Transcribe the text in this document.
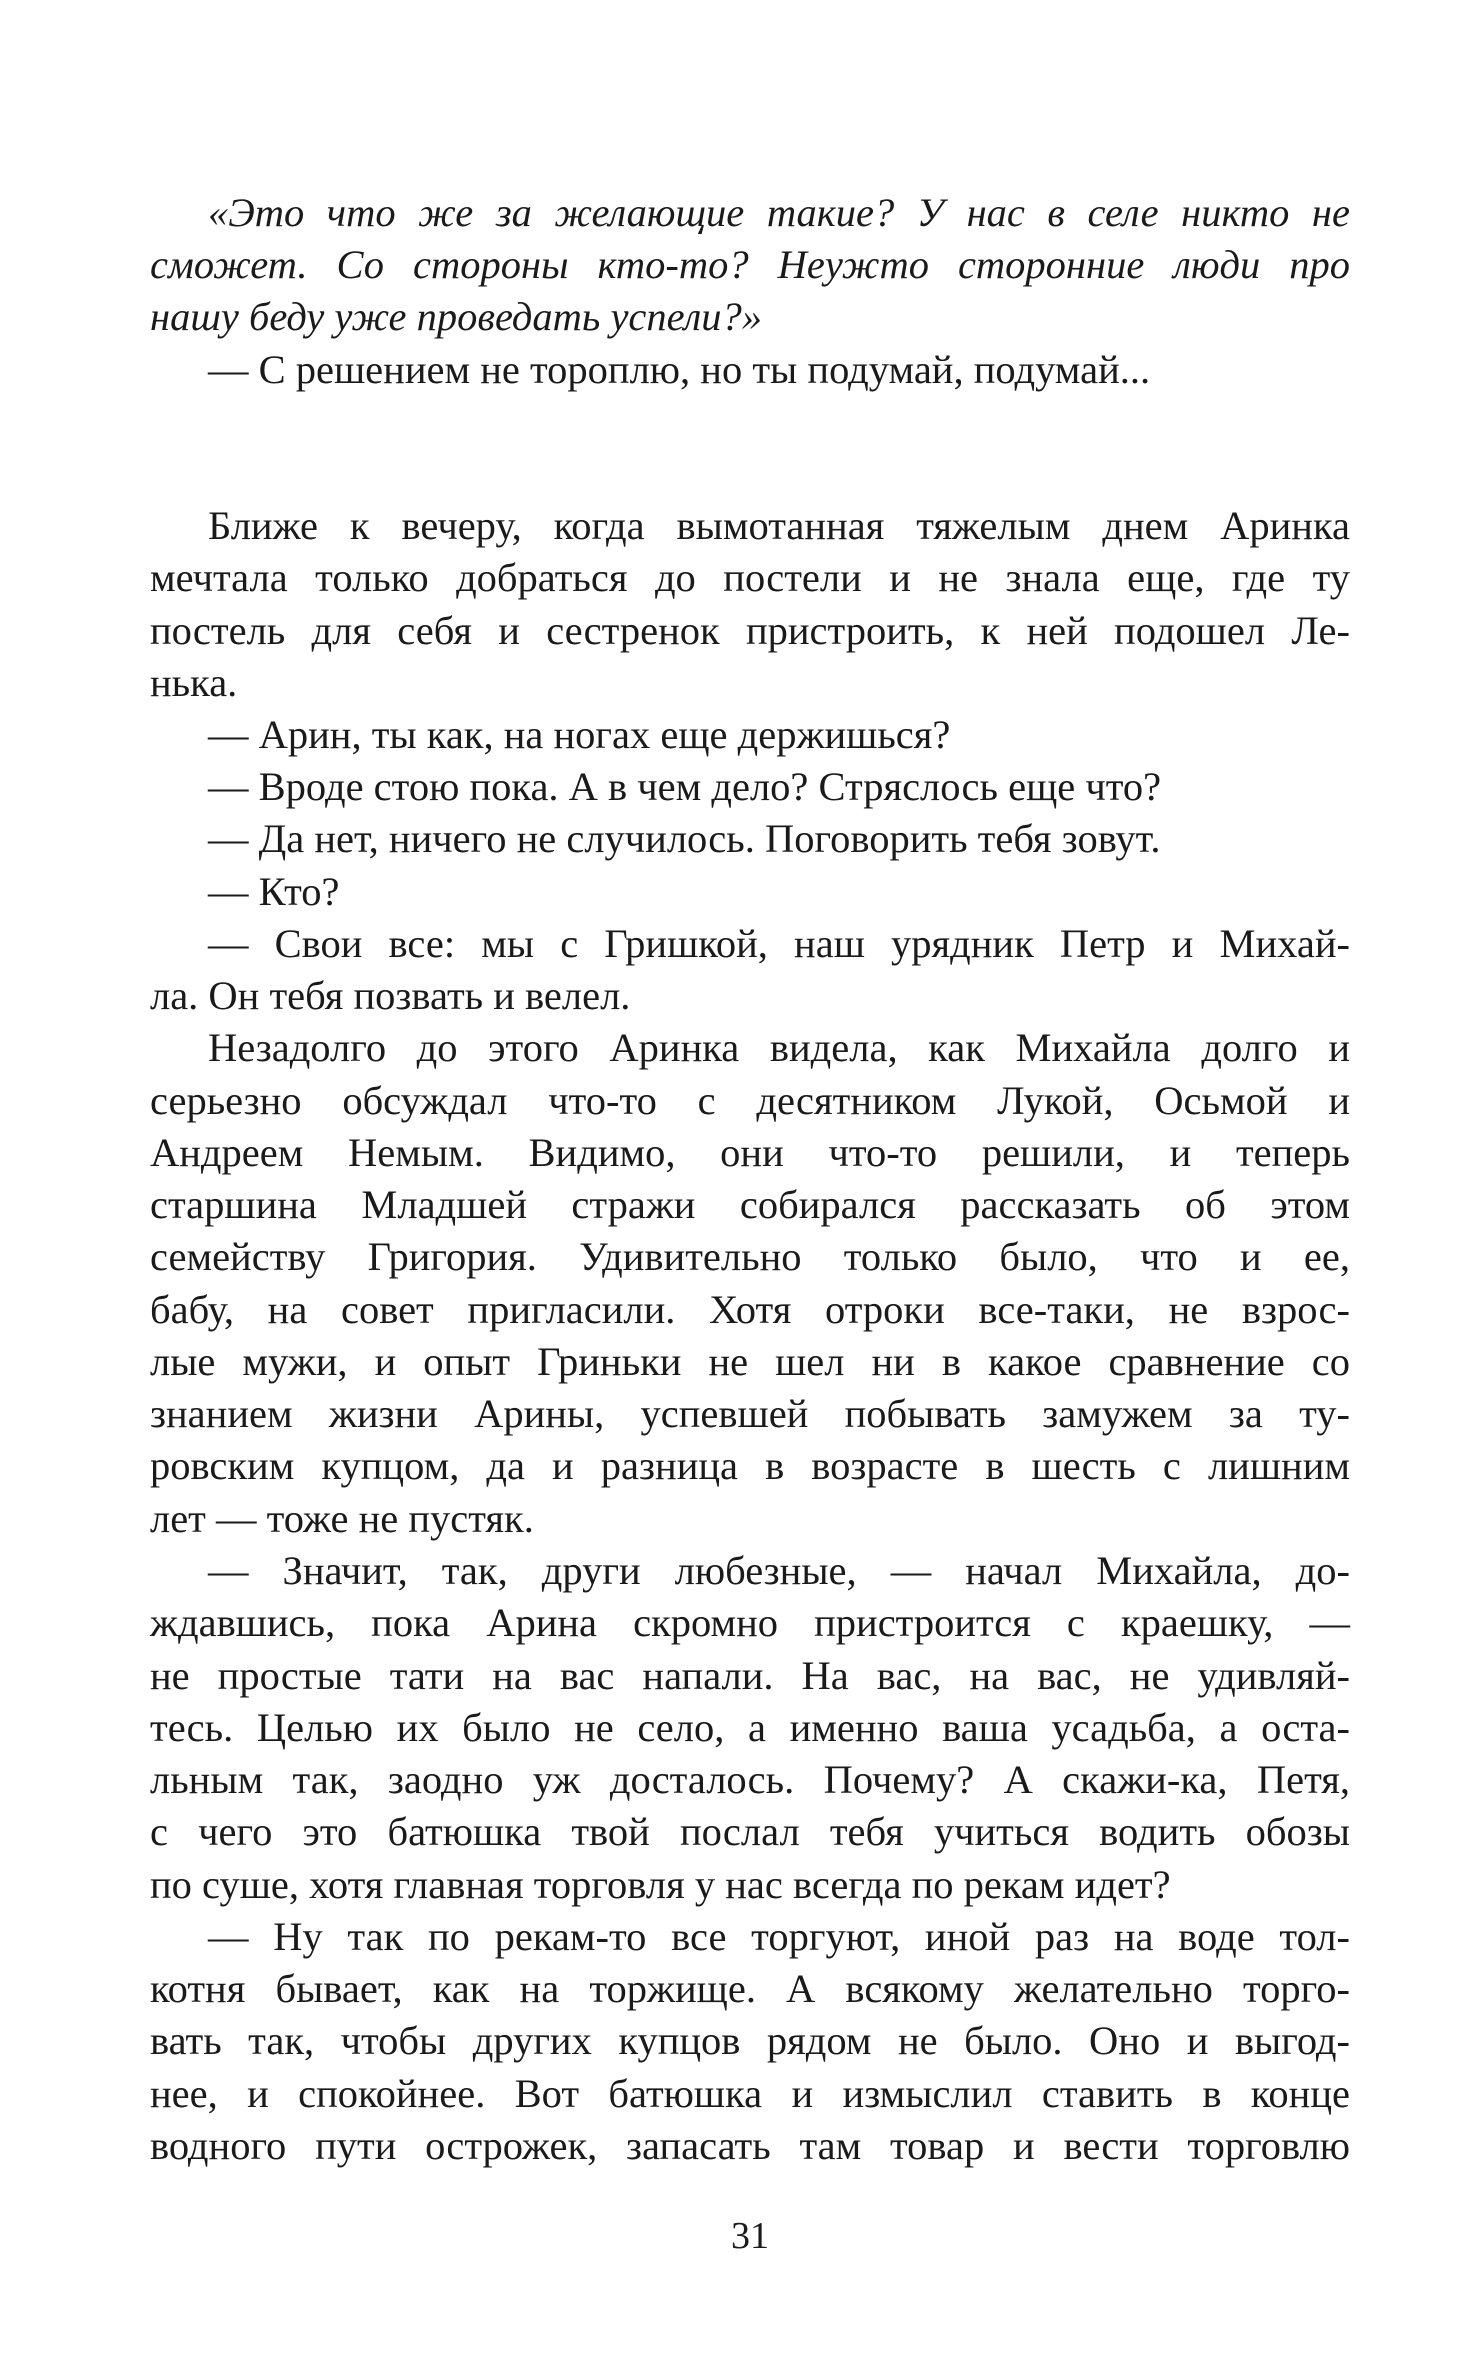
«Это что же за желающие такие? У нас в селе никто не
сможет. Со стороны кто-то? Неужто сторонние люди про
нашу беду уже проведать успели?»
— С решением не тороплю, но ты подумай, подумай...
Ближе к вечеру, когда вымотанная тяжелым днем Аринка
мечтала только добраться до постели и не знала еще, где ту
постель для себя и сестренок пристроить, к ней подошел Ле-
нька.
— Арин, ты как, на ногах еще держишься?
— Вроде стою пока. А в чем дело? Стряслось еще что?
— Да нет, ничего не случилось. Поговорить тебя зовут.
— Кто?
— Свои все: мы с Гришкой, наш урядник Петр и Михай-
ла. Он тебя позвать и велел.
Незадолго до этого Аринка видела, как Михайла долго и
серьезно обсуждал что-то с десятником Лукой, Осьмой и
Андреем Немым. Видимо, они что-то решили, и теперь
старшина Младшей стражи собирался рассказать об этом
семейству Григория. Удивительно только было, что и ее,
бабу, на совет пригласили. Хотя отроки все-таки, не взрос-
лые мужи, и опыт Гриньки не шел ни в какое сравнение со
знанием жизни Арины, успевшей побывать замужем за ту-
ровским купцом, да и разница в возрасте в шесть с лишним
лет — тоже не пустяк.
— Значит, так, други любезные, — начал Михайла, до-
ждавшись, пока Арина скромно пристроится с краешку, —
не простые тати на вас напали. На вас, на вас, не удивляй-
тесь. Целью их было не село, а именно ваша усадьба, а оста-
льным так, заодно уж досталось. Почему? А скажи-ка, Петя,
с чего это батюшка твой послал тебя учиться водить обозы
по суше, хотя главная торговля у нас всегда по рекам идет?
— Ну так по рекам-то все торгуют, иной раз на воде тол-
котня бывает, как на торжище. А всякому желательно торго-
вать так, чтобы других купцов рядом не было. Оно и выгод-
нее, и спокойнее. Вот батюшка и измыслил ставить в конце
водного пути острожек, запасать там товар и вести торговлю
31
